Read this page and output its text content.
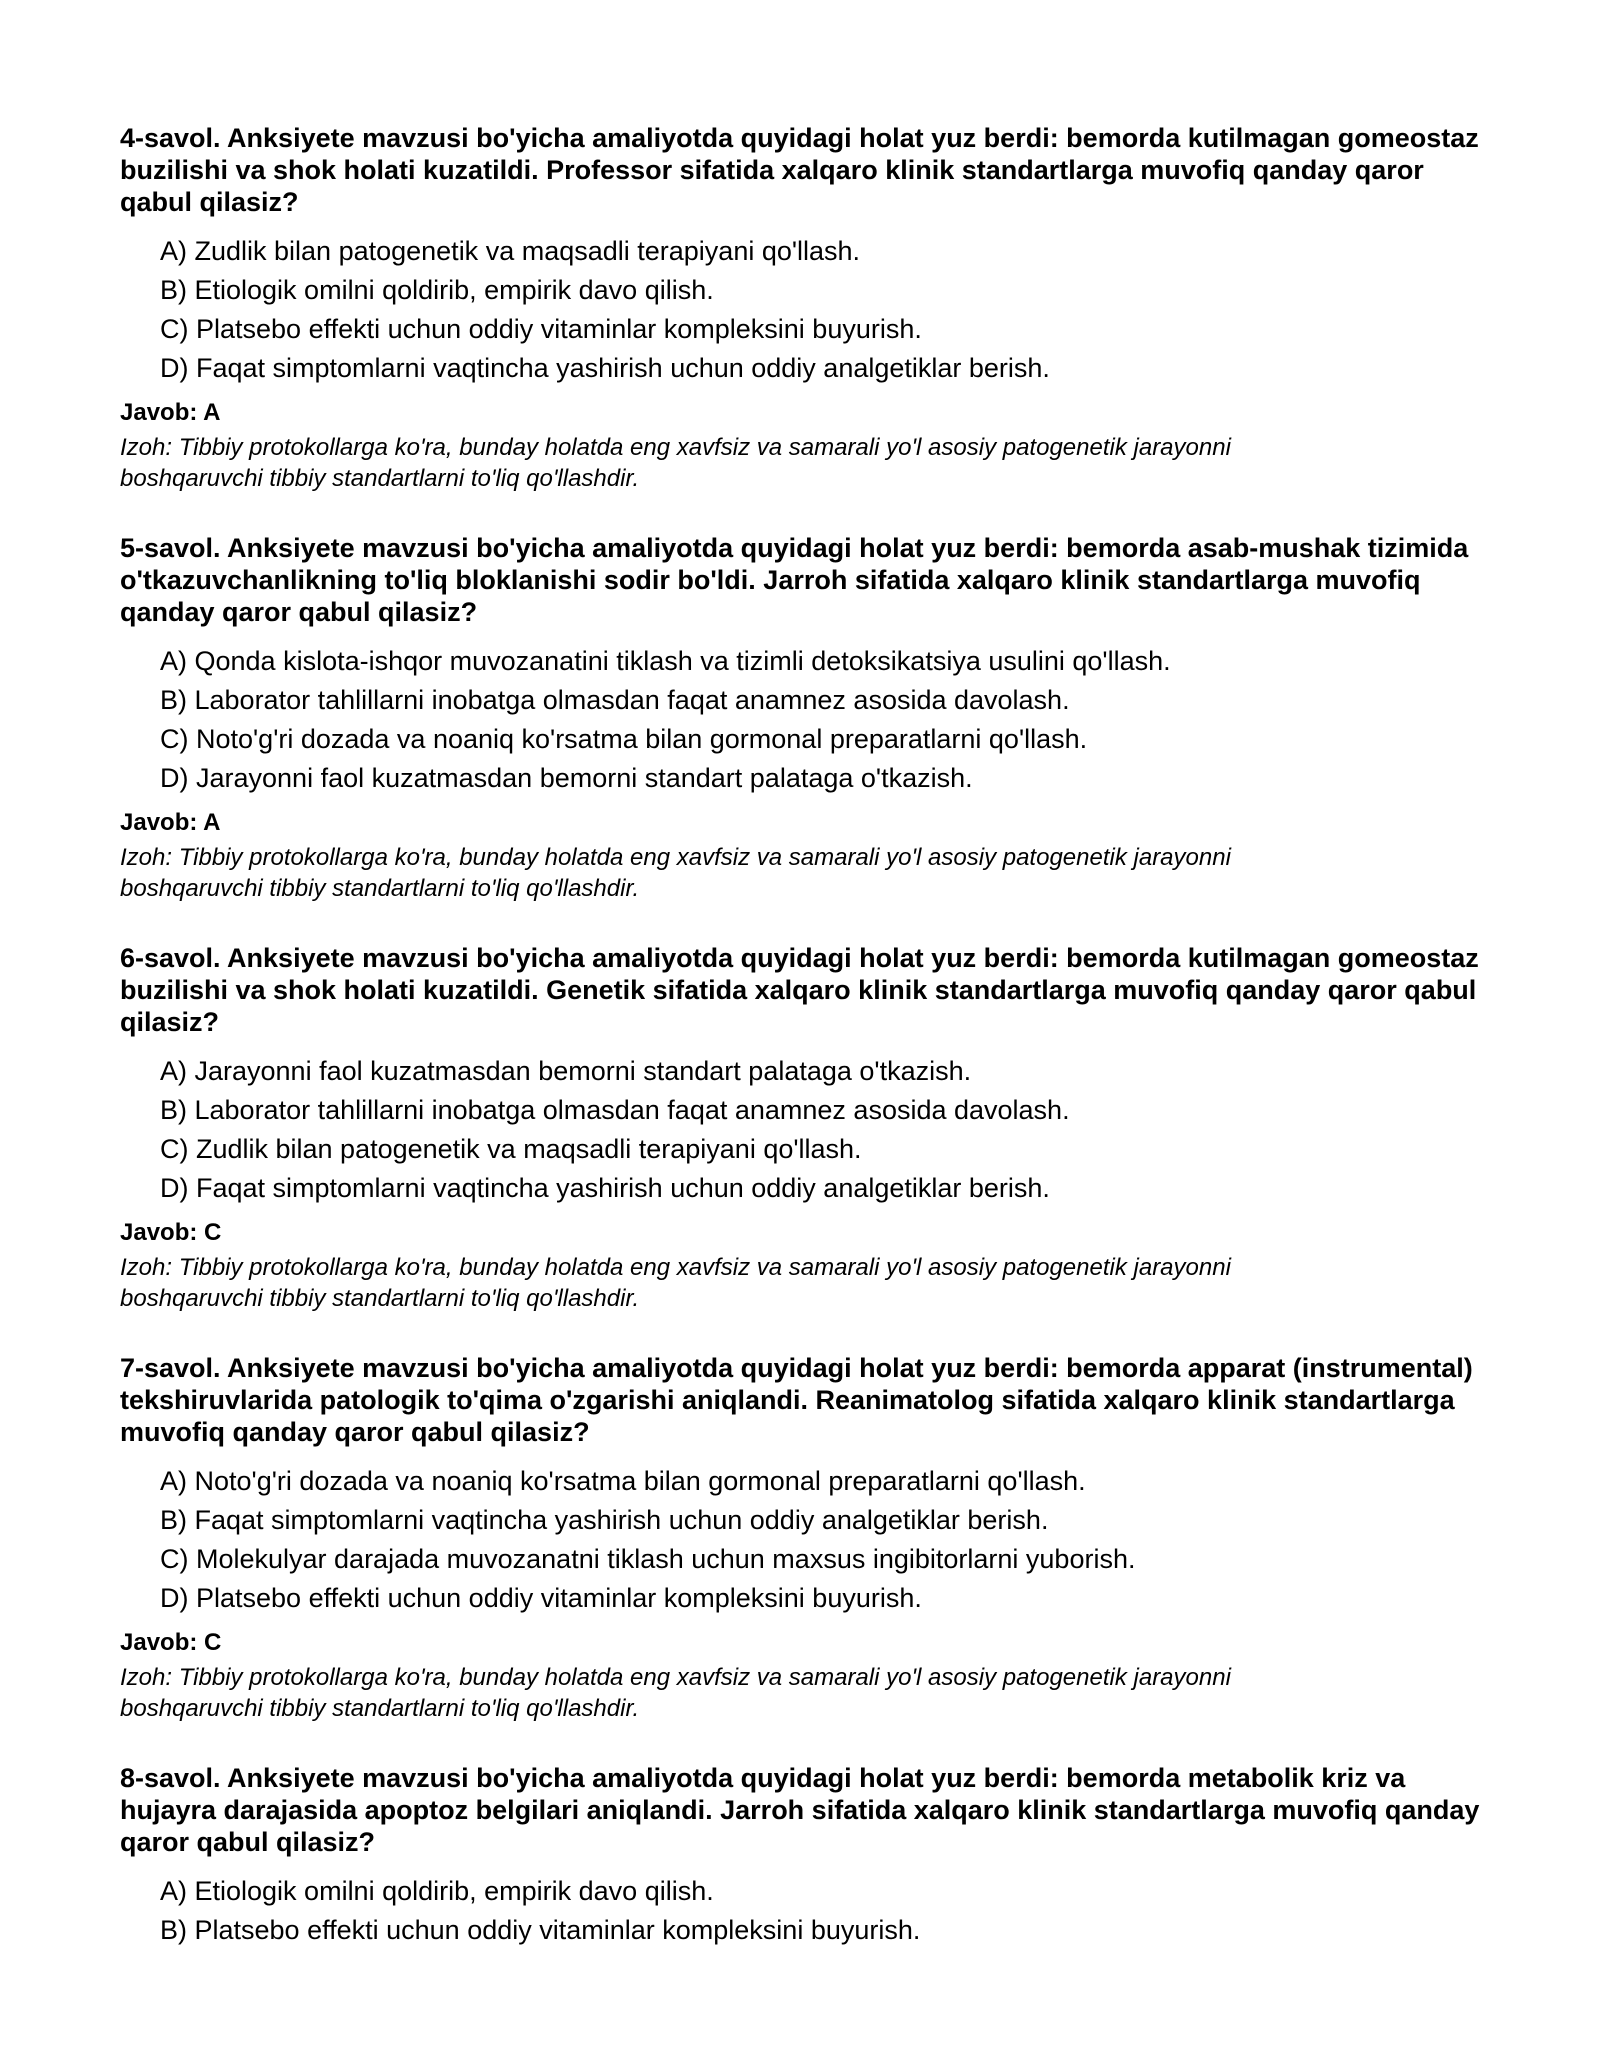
4-savol. Anksiyete mavzusi bo'yicha amaliyotda quyidagi holat yuz berdi: bemorda kutilmagan gomeostaz buzilishi va shok holati kuzatildi. Professor sifatida xalqaro klinik standartlarga muvofiq qanday qaror qabul qilasiz?

A) Zudlik bilan patogenetik va maqsadli terapiyani qo'llash.
B) Etiologik omilni qoldirib, empirik davo qilish.
C) Platsebo effekti uchun oddiy vitaminlar kompleksini buyurish.
D) Faqat simptomlarni vaqtincha yashirish uchun oddiy analgetiklar berish.

Javob: A

Izoh: Tibbiy protokollarga ko'ra, bunday holatda eng xavfsiz va samarali yo'l asosiy patogenetik jarayonni boshqaruvchi tibbiy standartlarni to'liq qo'llashdir.

5-savol. Anksiyete mavzusi bo'yicha amaliyotda quyidagi holat yuz berdi: bemorda asab-mushak tizimida o'tkazuvchanlikning to'liq bloklanishi sodir bo'ldi. Jarroh sifatida xalqaro klinik standartlarga muvofiq qanday qaror qabul qilasiz?

A) Qonda kislota-ishqor muvozanatini tiklash va tizimli detoksikatsiya usulini qo'llash.
B) Laborator tahlillarni inobatga olmasdan faqat anamnez asosida davolash.
C) Noto'g'ri dozada va noaniq ko'rsatma bilan gormonal preparatlarni qo'llash.
D) Jarayonni faol kuzatmasdan bemorni standart palataga o'tkazish.

Javob: A

Izoh: Tibbiy protokollarga ko'ra, bunday holatda eng xavfsiz va samarali yo'l asosiy patogenetik jarayonni boshqaruvchi tibbiy standartlarni to'liq qo'llashdir.

6-savol. Anksiyete mavzusi bo'yicha amaliyotda quyidagi holat yuz berdi: bemorda kutilmagan gomeostaz buzilishi va shok holati kuzatildi. Genetik sifatida xalqaro klinik standartlarga muvofiq qanday qaror qabul qilasiz?

A) Jarayonni faol kuzatmasdan bemorni standart palataga o'tkazish.
B) Laborator tahlillarni inobatga olmasdan faqat anamnez asosida davolash.
C) Zudlik bilan patogenetik va maqsadli terapiyani qo'llash.
D) Faqat simptomlarni vaqtincha yashirish uchun oddiy analgetiklar berish.

Javob: C

Izoh: Tibbiy protokollarga ko'ra, bunday holatda eng xavfsiz va samarali yo'l asosiy patogenetik jarayonni boshqaruvchi tibbiy standartlarni to'liq qo'llashdir.

7-savol. Anksiyete mavzusi bo'yicha amaliyotda quyidagi holat yuz berdi: bemorda apparat (instrumental) tekshiruvlarida patologik to'qima o'zgarishi aniqlandi. Reanimatolog sifatida xalqaro klinik standartlarga muvofiq qanday qaror qabul qilasiz?

A) Noto'g'ri dozada va noaniq ko'rsatma bilan gormonal preparatlarni qo'llash.
B) Faqat simptomlarni vaqtincha yashirish uchun oddiy analgetiklar berish.
C) Molekulyar darajada muvozanatni tiklash uchun maxsus ingibitorlarni yuborish.
D) Platsebo effekti uchun oddiy vitaminlar kompleksini buyurish.

Javob: C

Izoh: Tibbiy protokollarga ko'ra, bunday holatda eng xavfsiz va samarali yo'l asosiy patogenetik jarayonni boshqaruvchi tibbiy standartlarni to'liq qo'llashdir.

8-savol. Anksiyete mavzusi bo'yicha amaliyotda quyidagi holat yuz berdi: bemorda metabolik kriz va hujayra darajasida apoptoz belgilari aniqlandi. Jarroh sifatida xalqaro klinik standartlarga muvofiq qanday qaror qabul qilasiz?

A) Etiologik omilni qoldirib, empirik davo qilish.
B) Platsebo effekti uchun oddiy vitaminlar kompleksini buyurish.
